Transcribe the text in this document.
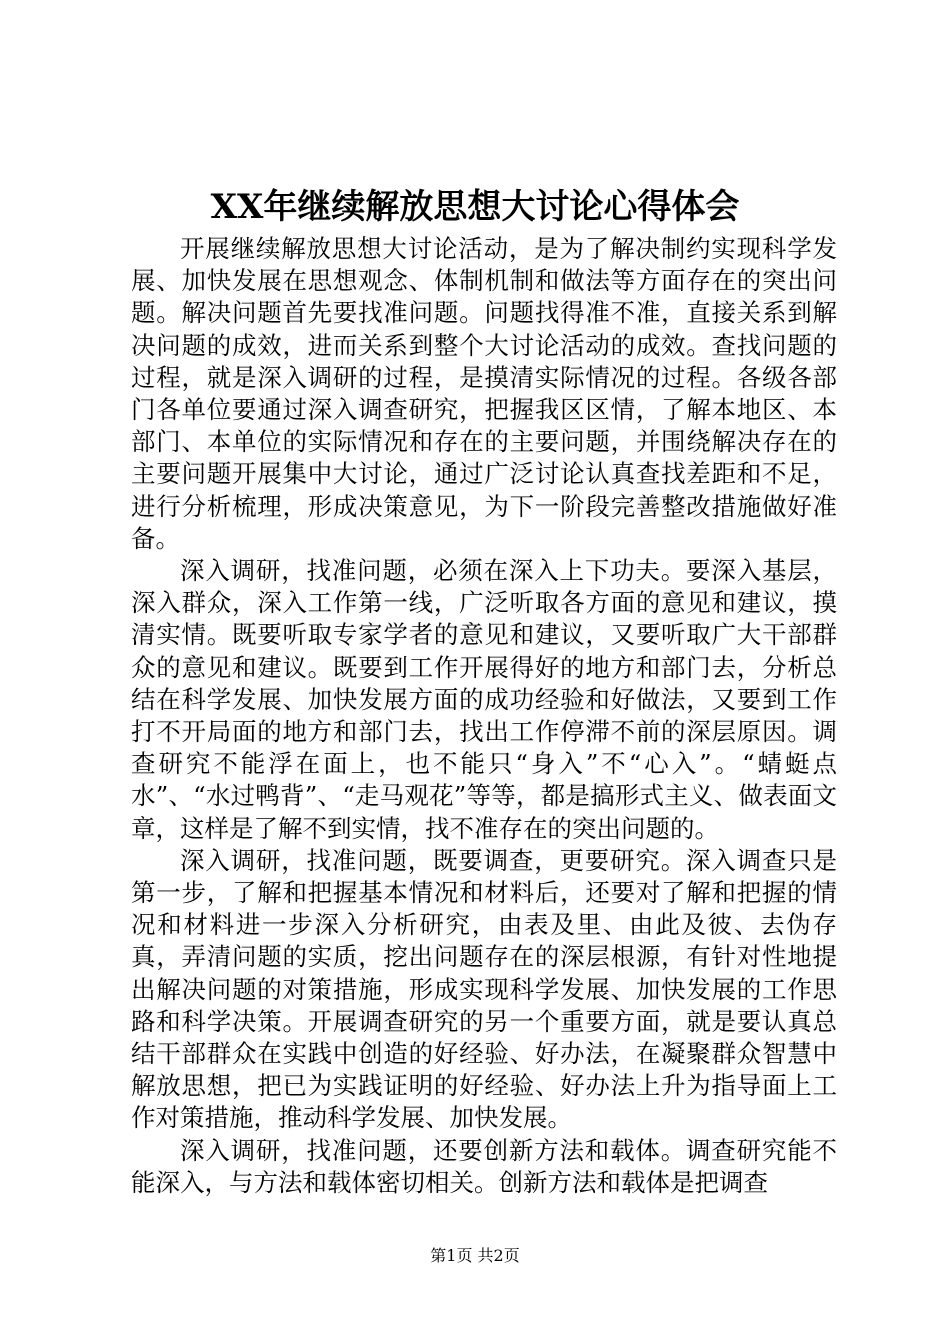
XX年继续解放思想大讨论心得体会

开展继续解放思想大讨论活动，是为了解决制约实现科学发展、加快发展在思想观念、体制机制和做法等方面存在的突出问题。解决问题首先要找准问题。问题找得准不准，直接关系到解决问题的成效，进而关系到整个大讨论活动的成效。查找问题的过程，就是深入调研的过程，是摸清实际情况的过程。各级各部门各单位要通过深入调查研究，把握我区区情，了解本地区、本部门、本单位的实际情况和存在的主要问题，并围绕解决存在的主要问题开展集中大讨论，通过广泛讨论认真查找差距和不足，进行分析梳理，形成决策意见，为下一阶段完善整改措施做好准备。

深入调研，找准问题，必须在深入上下功夫。要深入基层，深入群众，深入工作第一线，广泛听取各方面的意见和建议，摸清实情。既要听取专家学者的意见和建议，又要听取广大干部群众的意见和建议。既要到工作开展得好的地方和部门去，分析总结在科学发展、加快发展方面的成功经验和好做法，又要到工作打不开局面的地方和部门去，找出工作停滞不前的深层原因。调查研究不能浮在面上，也不能只“身入”不“心入”。“蜻蜓点水”、“水过鸭背”、“走马观花”等等，都是搞形式主义、做表面文章，这样是了解不到实情，找不准存在的突出问题的。

深入调研，找准问题，既要调查，更要研究。深入调查只是第一步，了解和把握基本情况和材料后，还要对了解和把握的情况和材料进一步深入分析研究，由表及里、由此及彼、去伪存真，弄清问题的实质，挖出问题存在的深层根源，有针对性地提出解决问题的对策措施，形成实现科学发展、加快发展的工作思路和科学决策。开展调查研究的另一个重要方面，就是要认真总结干部群众在实践中创造的好经验、好办法，在凝聚群众智慧中解放思想，把已为实践证明的好经验、好办法上升为指导面上工作对策措施，推动科学发展、加快发展。

深入调研，找准问题，还要创新方法和载体。调查研究能不能深入，与方法和载体密切相关。创新方法和载体是把调查

第1页 共2页
